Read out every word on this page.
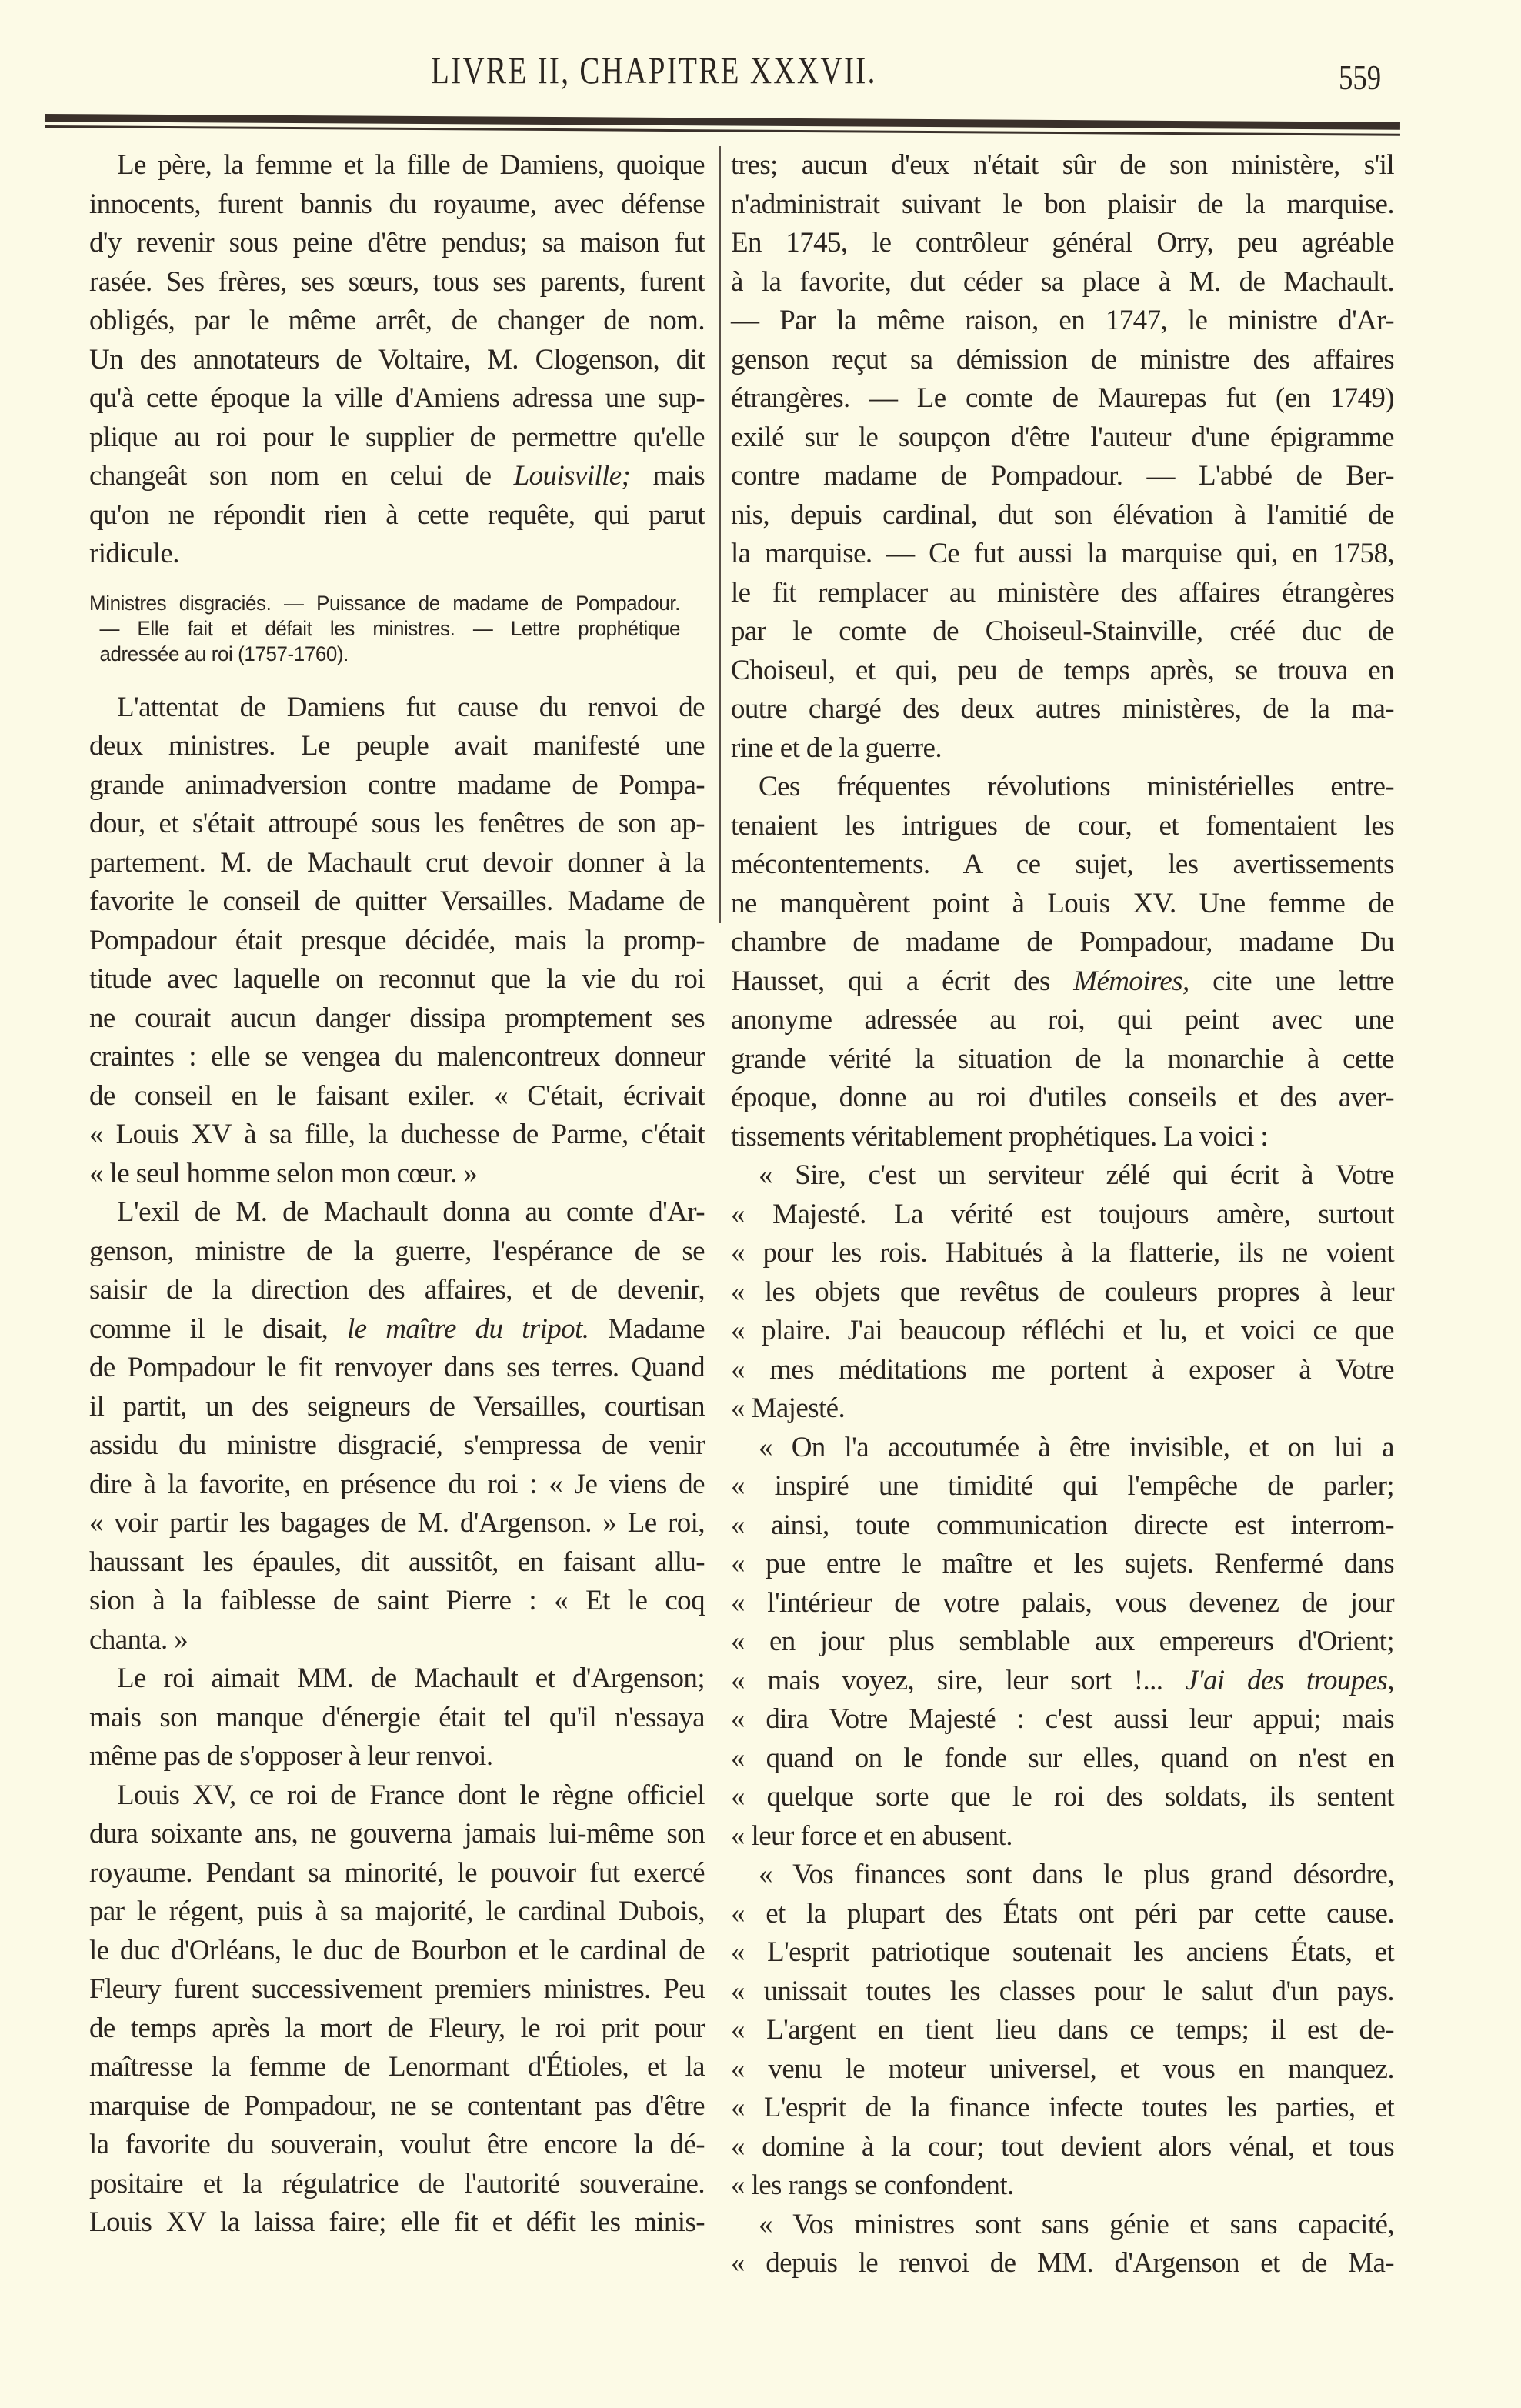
LIVRE II, CHAPITRE XXXVII.	559
Le père, la femme et la fille de Damiens, quoique
innocents, furent bannis du royaume, avec défense
d'y revenir sous peine d'être pendus; sa maison fut
rasée. Ses frères, ses sœurs, tous ses parents, furent
obligés, par le même arrêt, de changer de nom.
Un des annotateurs de Voltaire, M. Clogenson, dit
qu'à cette époque la ville d'Amiens adressa une sup-
plique au roi pour le supplier de permettre qu'elle
changeât son nom en celui de Louisville; mais
qu'on ne répondit rien à cette requête, qui parut
ridicule.
Ministres disgraciés. — Puissance de madame de Pompadour.
— Elle fait et défait les ministres. — Lettre prophétique
adressée au roi (1757-1760).
L'attentat de Damiens fut cause du renvoi de
deux ministres. Le peuple avait manifesté une
grande animadversion contre madame de Pompa-
dour, et s'était attroupé sous les fenêtres de son ap-
partement. M. de Machault crut devoir donner à la
favorite le conseil de quitter Versailles. Madame de
Pompadour était presque décidée, mais la promp-
titude avec laquelle on reconnut que la vie du roi
ne courait aucun danger dissipa promptement ses
craintes : elle se vengea du malencontreux donneur
de conseil en le faisant exiler. « C'était, écrivait
« Louis XV à sa fille, la duchesse de Parme, c'était
« le seul homme selon mon cœur. »
L'exil de M. de Machault donna au comte d'Ar-
genson, ministre de la guerre, l'espérance de se
saisir de la direction des affaires, et de devenir,
comme il le disait, le maître du tripot. Madame
de Pompadour le fit renvoyer dans ses terres. Quand
il partit, un des seigneurs de Versailles, courtisan
assidu du ministre disgracié, s'empressa de venir
dire à la favorite, en présence du roi : « Je viens de
« voir partir les bagages de M. d'Argenson. » Le roi,
haussant les épaules, dit aussitôt, en faisant allu-
sion à la faiblesse de saint Pierre : « Et le coq
chanta. »
Le roi aimait MM. de Machault et d'Argenson;
mais son manque d'énergie était tel qu'il n'essaya
même pas de s'opposer à leur renvoi.
Louis XV, ce roi de France dont le règne officiel
dura soixante ans, ne gouverna jamais lui-même son
royaume. Pendant sa minorité, le pouvoir fut exercé
par le régent, puis à sa majorité, le cardinal Dubois,
le duc d'Orléans, le duc de Bourbon et le cardinal de
Fleury furent successivement premiers ministres. Peu
de temps après la mort de Fleury, le roi prit pour
maîtresse la femme de Lenormant d'Étioles, et la
marquise de Pompadour, ne se contentant pas d'être
la favorite du souverain, voulut être encore la dé-
positaire et la régulatrice de l'autorité souveraine.
Louis XV la laissa faire; elle fit et défit les minis-
tres; aucun d'eux n'était sûr de son ministère, s'il
n'administrait suivant le bon plaisir de la marquise.
En 1745, le contrôleur général Orry, peu agréable
à la favorite, dut céder sa place à M. de Machault.
— Par la même raison, en 1747, le ministre d'Ar-
genson reçut sa démission de ministre des affaires
étrangères. — Le comte de Maurepas fut (en 1749)
exilé sur le soupçon d'être l'auteur d'une épigramme
contre madame de Pompadour. — L'abbé de Ber-
nis, depuis cardinal, dut son élévation à l'amitié de
la marquise. — Ce fut aussi la marquise qui, en 1758,
le fit remplacer au ministère des affaires étrangères
par le comte de Choiseul-Stainville, créé duc de
Choiseul, et qui, peu de temps après, se trouva en
outre chargé des deux autres ministères, de la ma-
rine et de la guerre.
Ces fréquentes révolutions ministérielles entre-
tenaient les intrigues de cour, et fomentaient les
mécontentements. A ce sujet, les avertissements
ne manquèrent point à Louis XV. Une femme de
chambre de madame de Pompadour, madame Du
Hausset, qui a écrit des Mémoires, cite une lettre
anonyme adressée au roi, qui peint avec une
grande vérité la situation de la monarchie à cette
époque, donne au roi d'utiles conseils et des aver-
tissements véritablement prophétiques. La voici :
« Sire, c'est un serviteur zélé qui écrit à Votre
« Majesté. La vérité est toujours amère, surtout
« pour les rois. Habitués à la flatterie, ils ne voient
« les objets que revêtus de couleurs propres à leur
« plaire. J'ai beaucoup réfléchi et lu, et voici ce que
« mes méditations me portent à exposer à Votre
« Majesté.
« On l'a accoutumée à être invisible, et on lui a
« inspiré une timidité qui l'empêche de parler;
« ainsi, toute communication directe est interrom-
« pue entre le maître et les sujets. Renfermé dans
« l'intérieur de votre palais, vous devenez de jour
« en jour plus semblable aux empereurs d'Orient;
« mais voyez, sire, leur sort !... J'ai des troupes,
« dira Votre Majesté : c'est aussi leur appui; mais
« quand on le fonde sur elles, quand on n'est en
« quelque sorte que le roi des soldats, ils sentent
« leur force et en abusent.
« Vos finances sont dans le plus grand désordre,
« et la plupart des États ont péri par cette cause.
« L'esprit patriotique soutenait les anciens États, et
« unissait toutes les classes pour le salut d'un pays.
« L'argent en tient lieu dans ce temps; il est de-
« venu le moteur universel, et vous en manquez.
« L'esprit de la finance infecte toutes les parties, et
« domine à la cour; tout devient alors vénal, et tous
« les rangs se confondent.
« Vos ministres sont sans génie et sans capacité,
« depuis le renvoi de MM. d'Argenson et de Ma-
